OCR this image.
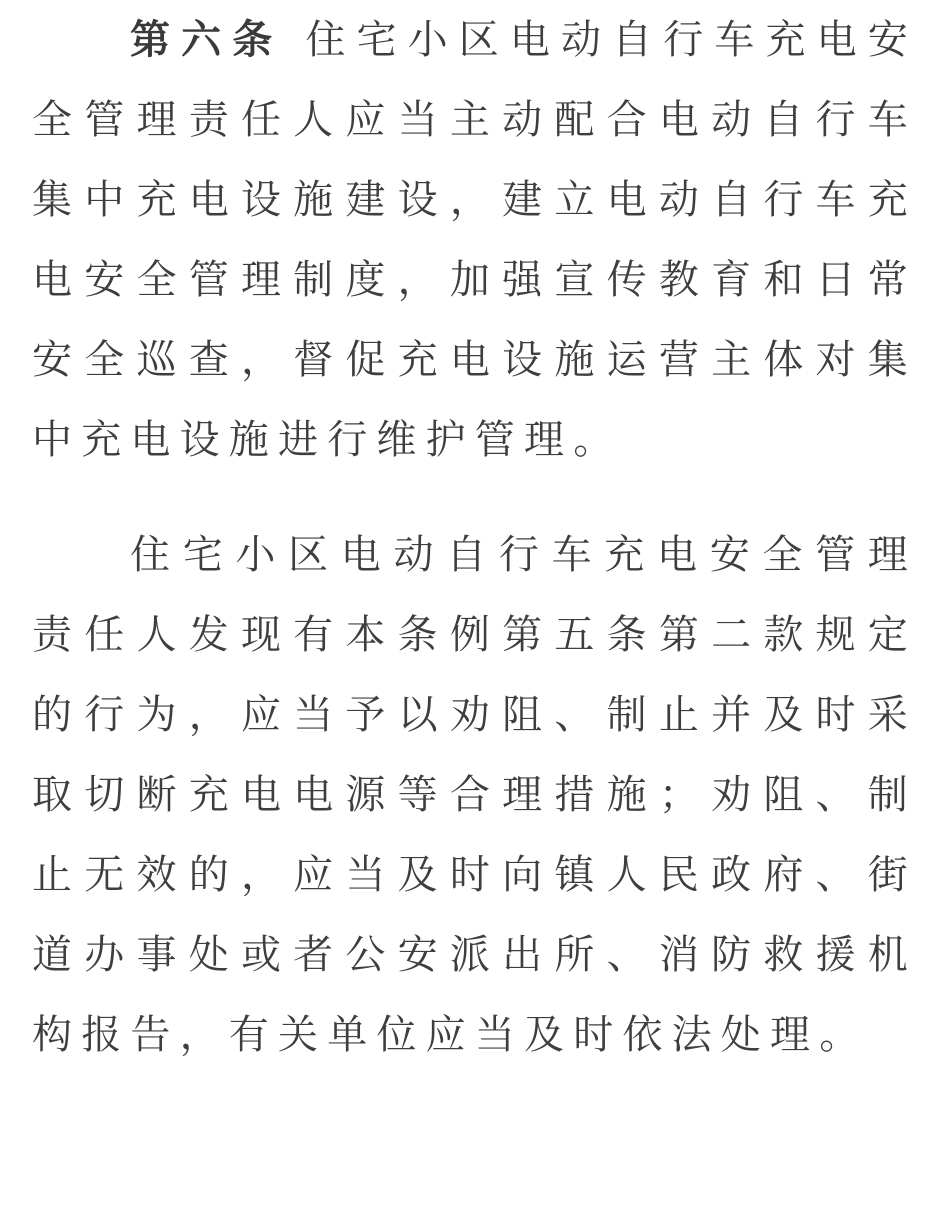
第六条 住宅小区电动自行车充电安全管理责任人应当主动配合电动自行车集中充电设施建设，建立电动自行车充电安全管理制度，加强宣传教育和日常安全巡查，督促充电设施运营主体对集中充电设施进行维护管理。

住宅小区电动自行车充电安全管理责任人发现有本条例第五条第二款规定的行为，应当予以劝阻、制止并及时采取切断充电电源等合理措施；劝阻、制止无效的，应当及时向镇人民政府、街道办事处或者公安派出所、消防救援机构报告，有关单位应当及时依法处理。
